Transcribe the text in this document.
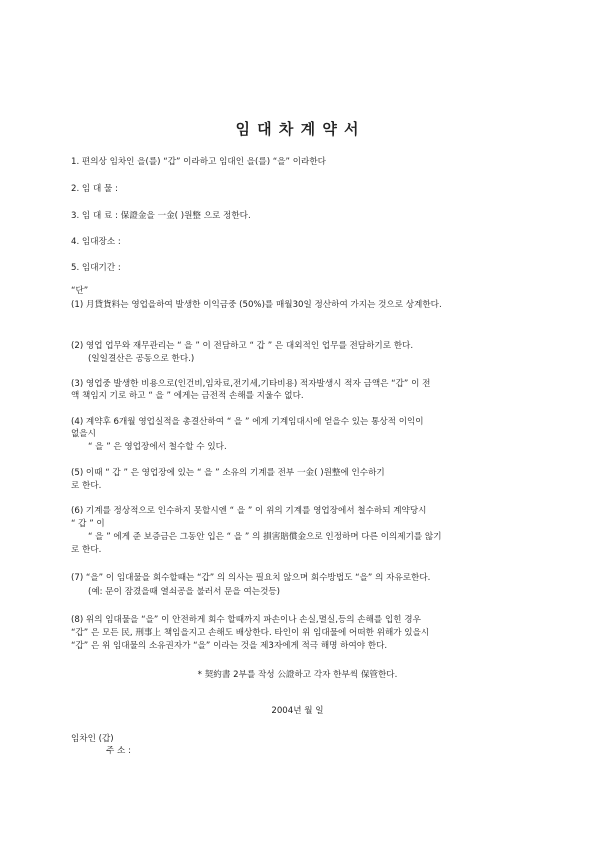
임 대 차 계 약 서
1. 편의상 임차인 을(를) “갑” 이라하고 임대인 을(를) “을” 이라한다
2. 임 대 물 :
3. 임 대 료 : 保證金을 一金( )원整 으로 정한다.
4. 임대장소 :
5. 임대기간 :
“단”
(1) 月貸貨料는 영업을하여 발생한 이익금중 (50%)를 매월30일 정산하여 가지는 것으로 상계한다.
(2) 영업 업무와 재무관리는 “ 을 ” 이 전담하고 “ 갑 ” 은 대외적인 업무를 전담하기로 한다.
(일일결산은 공동으로 한다.)
(3) 영업중 발생한 비용으로(인건비,임차료,전기세,기타비용) 적자발생시 적자 금액은 “갑” 이 전
액 책임지 기로 하고 “ 을 ” 에게는 금전적 손해를 지울수 없다.
(4) 계약후 6개월 영업실적을 총결산하여 “ 을 ” 에게 기계임대시에 얻을수 있는 통상적 이익이
없을시
“ 을 ” 은 영업장에서 철수할 수 있다.
(5) 이때 “ 갑 ” 은 영업장에 있는 “ 을 ” 소유의 기계를 전부 一金( )원整에 인수하기
로 한다.
(6) 기계를 정상적으로 인수하지 못할시엔 “ 을 ” 이 위의 기계를 영업장에서 철수하되 계약당시
“ 갑 ” 이
“ 을 ” 에게 준 보증금은 그동안 입은 “ 을 ” 의 損害賠償金으로 인정하며 다른 이의제기를 않기
로 한다.
(7) “을” 이 임대물을 회수할때는 “갑” 의 의사는 필요치 않으며 회수방법도 “을” 의 자유로한다.
(예: 문이 잠겼을때 열쇠공을 불러서 문을 여는것등)
(8) 위의 임대물을 “을” 이 안전하게 회수 할때까지 파손이나 손실,멸실,등의 손해를 입힌 경우
“갑” 은 모든 民, 刑事上 책임을지고 손해도 배상한다. 타인이 위 임대물에 어떠한 위해가 있을시
“갑” 은 위 임대물의 소유권자가 “을” 이라는 것을 제3자에게 적극 해명 하여야 한다.
* 契約書 2부를 작성 公證하고 각자 한부씩 保管한다.
2004년 월 일
임차인 (갑)
주 소 :
